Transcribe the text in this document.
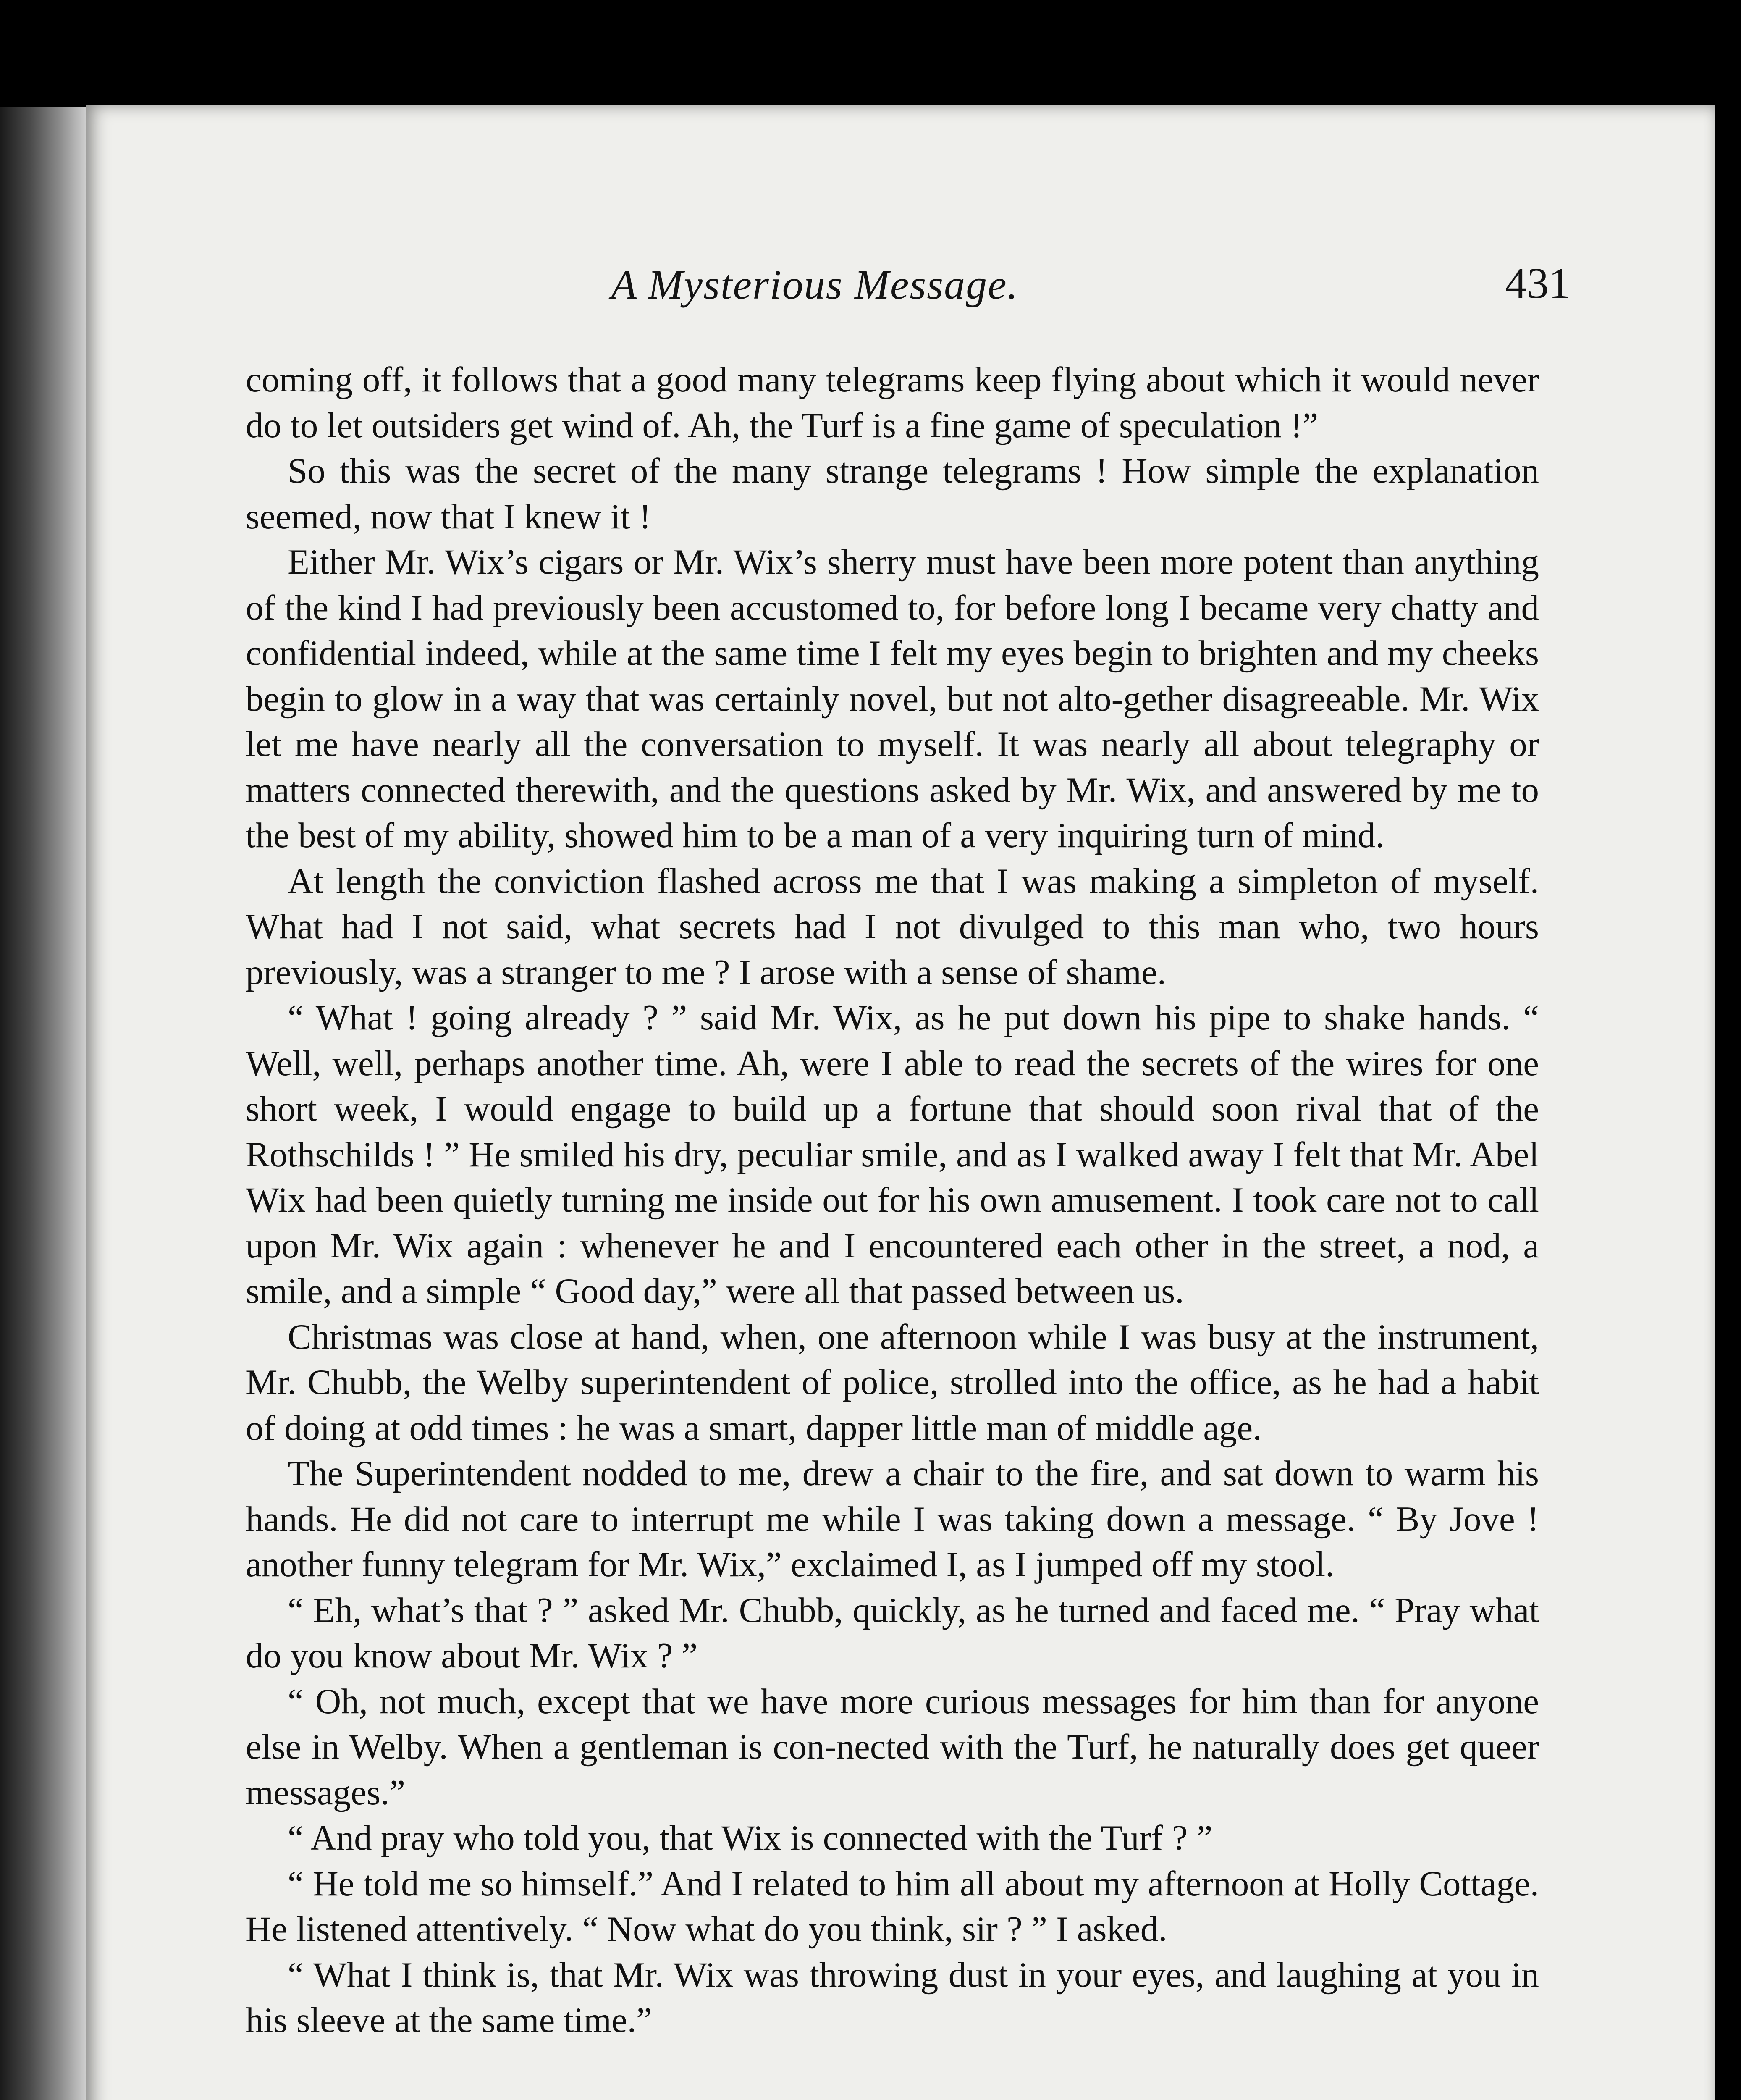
A Mysterious Message.	431

coming off, it follows that a good many telegrams keep flying about which it would never do to let outsiders get wind of. Ah, the Turf is a fine game of speculation !”

So this was the secret of the many strange telegrams ! How simple the explanation seemed, now that I knew it !

Either Mr. Wix’s cigars or Mr. Wix’s sherry must have been more potent than anything of the kind I had previously been accustomed to, for before long I became very chatty and confidential indeed, while at the same time I felt my eyes begin to brighten and my cheeks begin to glow in a way that was certainly novel, but not alto-gether disagreeable. Mr. Wix let me have nearly all the conversation to myself. It was nearly all about telegraphy or matters connected therewith, and the questions asked by Mr. Wix, and answered by me to the best of my ability, showed him to be a man of a very inquiring turn of mind.

At length the conviction flashed across me that I was making a simpleton of myself. What had I not said, what secrets had I not divulged to this man who, two hours previously, was a stranger to me ? I arose with a sense of shame.

“ What ! going already ? ” said Mr. Wix, as he put down his pipe to shake hands. “ Well, well, perhaps another time. Ah, were I able to read the secrets of the wires for one short week, I would engage to build up a fortune that should soon rival that of the Rothschilds ! ” He smiled his dry, peculiar smile, and as I walked away I felt that Mr. Abel Wix had been quietly turning me inside out for his own amusement. I took care not to call upon Mr. Wix again : whenever he and I encountered each other in the street, a nod, a smile, and a simple “ Good day,” were all that passed between us.

Christmas was close at hand, when, one afternoon while I was busy at the instrument, Mr. Chubb, the Welby superintendent of police, strolled into the office, as he had a habit of doing at odd times : he was a smart, dapper little man of middle age.

The Superintendent nodded to me, drew a chair to the fire, and sat down to warm his hands. He did not care to interrupt me while I was taking down a message. “ By Jove ! another funny telegram for Mr. Wix,” exclaimed I, as I jumped off my stool.

“ Eh, what’s that ? ” asked Mr. Chubb, quickly, as he turned and faced me. “ Pray what do you know about Mr. Wix ? ”

“ Oh, not much, except that we have more curious messages for him than for anyone else in Welby. When a gentleman is con-nected with the Turf, he naturally does get queer messages.”

“ And pray who told you, that Wix is connected with the Turf ? ”

“ He told me so himself.” And I related to him all about my afternoon at Holly Cottage. He listened attentively. “ Now what do you think, sir ? ” I asked.

“ What I think is, that Mr. Wix was throwing dust in your eyes, and laughing at you in his sleeve at the same time.”
